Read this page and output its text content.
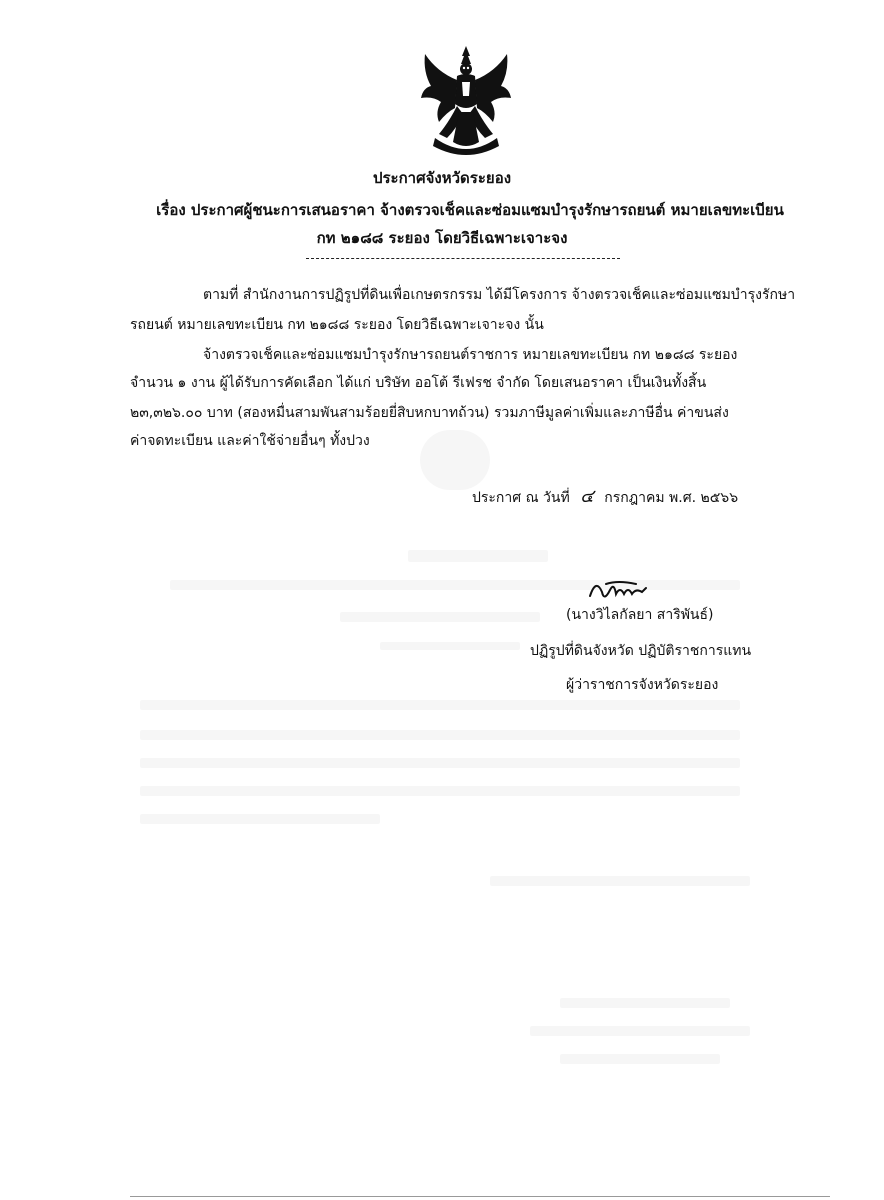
ประกาศจังหวัดระยอง
เรื่อง ประกาศผู้ชนะการเสนอราคา จ้างตรวจเช็คและซ่อมแซมบำรุงรักษารถยนต์ หมายเลขทะเบียน
กท ๒๑๘๘ ระยอง โดยวิธีเฉพาะเจาะจง
ตามที่ สำนักงานการปฏิรูปที่ดินเพื่อเกษตรกรรม ได้มีโครงการ จ้างตรวจเช็คและซ่อมแซมบำรุงรักษา
รถยนต์ หมายเลขทะเบียน กท ๒๑๘๘ ระยอง โดยวิธีเฉพาะเจาะจง นั้น
จ้างตรวจเช็คและซ่อมแซมบำรุงรักษารถยนต์ราชการ หมายเลขทะเบียน กท ๒๑๘๘ ระยอง
จำนวน ๑ งาน ผู้ได้รับการคัดเลือก ได้แก่ บริษัท ออโต้ รีเฟรช จำกัด โดยเสนอราคา เป็นเงินทั้งสิ้น
๒๓,๓๒๖.๐๐ บาท (สองหมื่นสามพันสามร้อยยี่สิบหกบาทถ้วน) รวมภาษีมูลค่าเพิ่มและภาษีอื่น ค่าขนส่ง
ค่าจดทะเบียน และค่าใช้จ่ายอื่นๆ ทั้งปวง
ประกาศ ณ วันที่ ๔ กรกฎาคม พ.ศ. ๒๕๖๖
(นางวิไลกัลยา สาริพันธ์)
ปฏิรูปที่ดินจังหวัด ปฏิบัติราชการแทน
ผู้ว่าราชการจังหวัดระยอง
